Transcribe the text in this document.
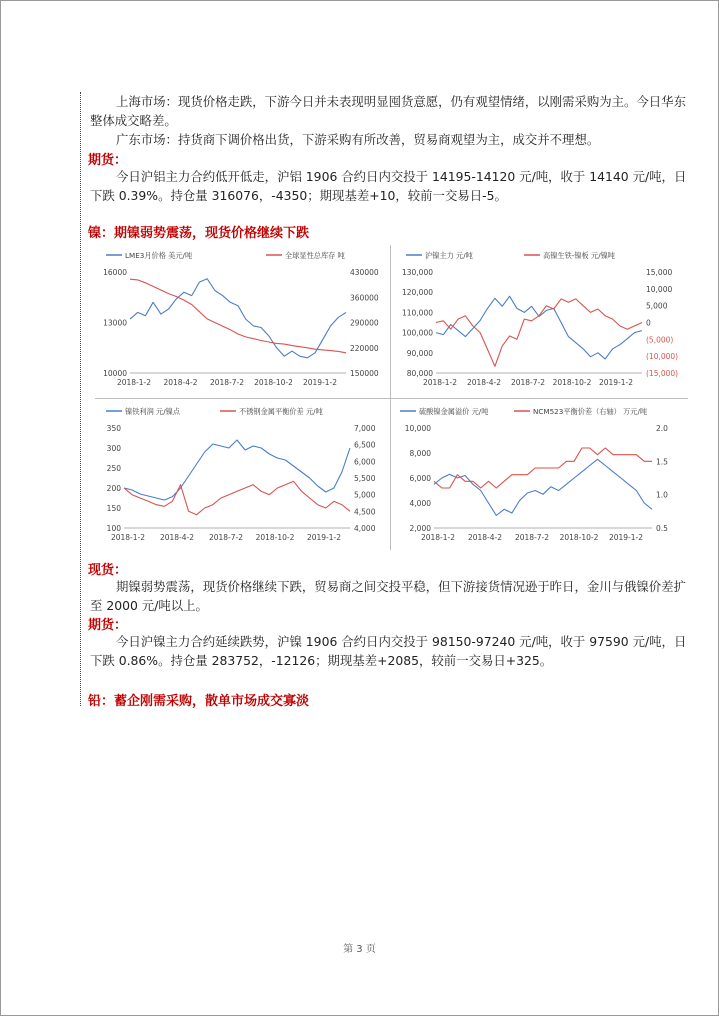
上海市场：现货价格走跌，下游今日并未表现明显囤货意愿，仍有观望情绪，以刚需采购为主。今日华东整体成交略差。

广东市场：持货商下调价格出货，下游采购有所改善，贸易商观望为主，成交并不理想。

期货：

今日沪铝主力合约低开低走，沪铝 1906 合约日内交投于 14195-14120 元/吨，收于 14140 元/吨，日下跌 0.39%。持仓量 316076，-4350；期现基差+10，较前一交易日-5。

镍：期镍弱势震荡，现货价格继续下跌

LME3月价格 美元/吨	全球显性总库存 吨
16000
13000
10000
430000
360000
290000
220000
150000
2018-1-2 2018-4-2 2018-7-2 2018-10-2 2019-1-2
沪镍主力 元/吨	高镍生铁-镍板 元/镍吨
130,000
120,000
110,000
100,000
90,000
80,000
15,000
10,000
5,000
0
(5,000)
(10,000)
(15,000)
2018-1-2 2018-4-2 2018-7-2 2018-10-2 2019-1-2
镍铁利润 元/镍点	不锈钢金属平衡价差 元/吨
350
300
250
200
150
100
7,000
6,500
6,000
5,500
5,000
4,500
4,000
2018-1-2 2018-4-2 2018-7-2 2018-10-2 2019-1-2
硫酸镍金属溢价 元/吨	NCM523平衡价差（右轴） 万元/吨
10,000
8,000
6,000
4,000
2,000
2.0
1.5
1.0
0.5
2018-1-2 2018-4-2 2018-7-2 2018-10-2 2019-1-2

现货：

期镍弱势震荡，现货价格继续下跌，贸易商之间交投平稳，但下游接货情况逊于昨日，金川与俄镍价差扩至 2000 元/吨以上。

期货：

今日沪镍主力合约延续跌势，沪镍 1906 合约日内交投于 98150-97240 元/吨，收于 97590 元/吨，日下跌 0.86%。持仓量 283752，-12126；期现基差+2085，较前一交易日+325。

铅：蓄企刚需采购，散单市场成交寡淡

第 3 页
